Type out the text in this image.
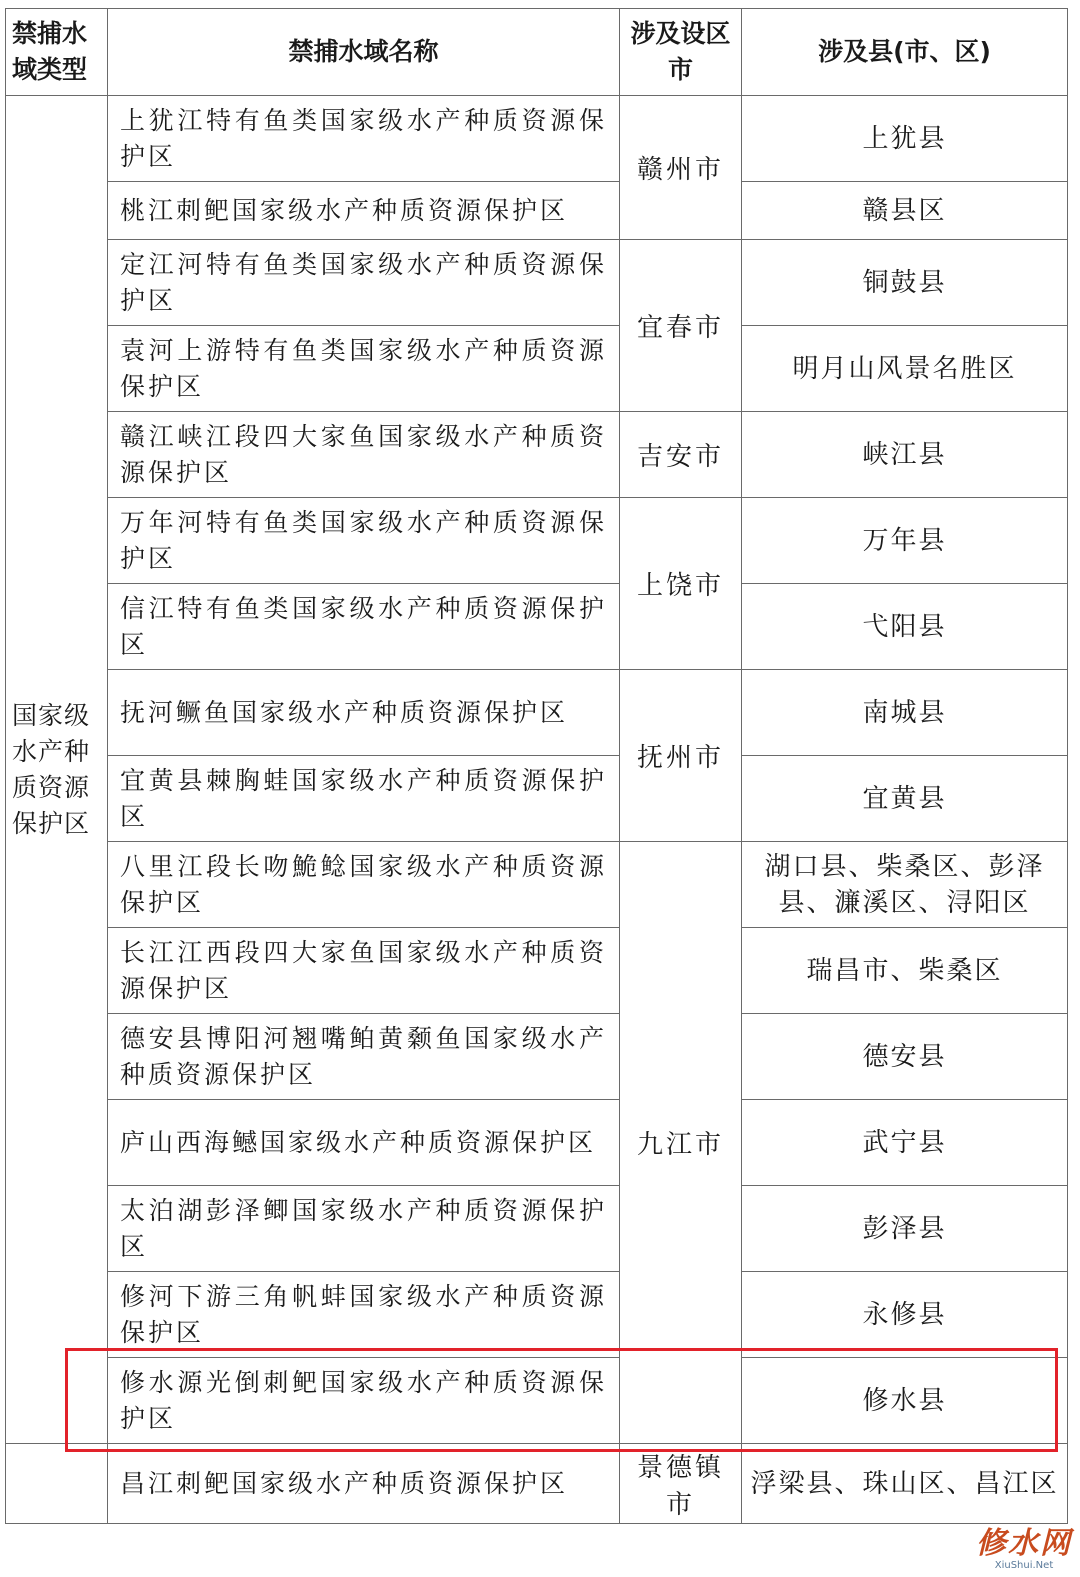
禁捕水域类型	禁捕水域名称	涉及设区市	涉及县(市、区)
国家级水产种质资源保护区	上犹江特有鱼类国家级水产种质资源保护区	赣州市	上犹县
	桃江刺鲃国家级水产种质资源保护区		赣县区
	定江河特有鱼类国家级水产种质资源保护区	宜春市	铜鼓县
	袁河上游特有鱼类国家级水产种质资源保护区		明月山风景名胜区
	赣江峡江段四大家鱼国家级水产种质资源保护区	吉安市	峡江县
	万年河特有鱼类国家级水产种质资源保护区	上饶市	万年县
	信江特有鱼类国家级水产种质资源保护区		弋阳县
	抚河鳜鱼国家级水产种质资源保护区	抚州市	南城县
	宜黄县棘胸蛙国家级水产种质资源保护区		宜黄县
	八里江段长吻鮠鲶国家级水产种质资源保护区	九江市	湖口县、柴桑区、彭泽县、濂溪区、浔阳区
	长江江西段四大家鱼国家级水产种质资源保护区		瑞昌市、柴桑区
	德安县博阳河翘嘴鲌黄颡鱼国家级水产种质资源保护区		德安县
	庐山西海鳡国家级水产种质资源保护区		武宁县
	太泊湖彭泽鲫国家级水产种质资源保护区		彭泽县
	修河下游三角帆蚌国家级水产种质资源保护区		永修县
	修水源光倒刺鲃国家级水产种质资源保护区		修水县
	昌江刺鲃国家级水产种质资源保护区	景德镇市	浮梁县、珠山区、昌江区
修水网
XiuShui.Net
